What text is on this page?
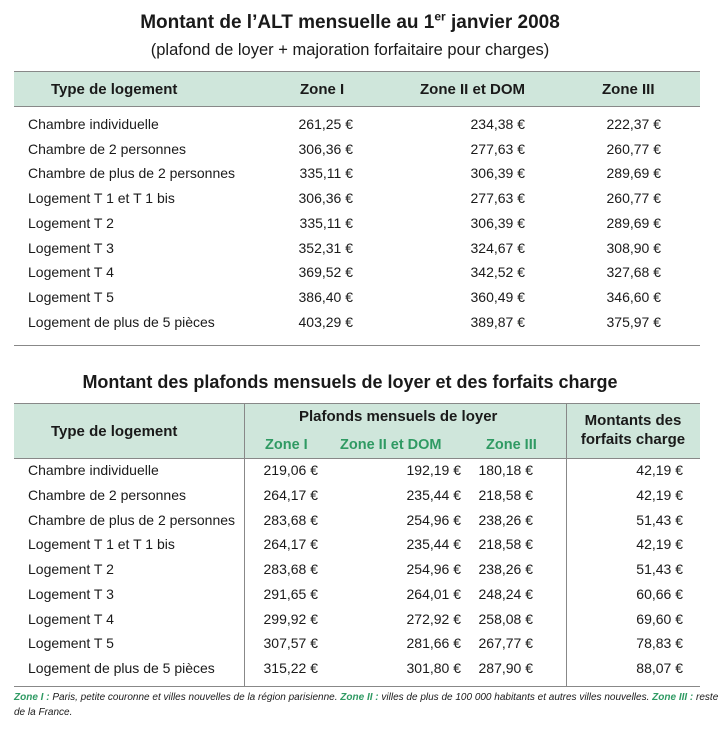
Montant de l’ALT mensuelle au 1er janvier 2008
(plafond de loyer + majoration forfaitaire pour charges)
Type de logement	Zone I	Zone II et DOM	Zone III
Chambre individuelle	261,25 €	234,38 €	222,37 €
Chambre de 2 personnes	306,36 €	277,63 €	260,77 €
Chambre de plus de 2 personnes	335,11 €	306,39 €	289,69 €
Logement T 1 et T 1 bis	306,36 €	277,63 €	260,77 €
Logement T 2	335,11 €	306,39 €	289,69 €
Logement T 3	352,31 €	324,67 €	308,90 €
Logement T 4	369,52 €	342,52 €	327,68 €
Logement T 5	386,40 €	360,49 €	346,60 €
Logement de plus de 5 pièces	403,29 €	389,87 €	375,97 €
Montant des plafonds mensuels de loyer et des forfaits charge
Type de logement
Plafonds mensuels de loyer	Montants des
forfaits charge
Zone I Zone II et DOM	Zone III
Chambre individuelle	219,06 €	192,19 € 180,18 €	42,19 €
Chambre de 2 personnes	264,17 €	235,44 € 218,58 €	42,19 €
Chambre de plus de 2 personnes 283,68 €	254,96 € 238,26 €	51,43 €
Logement T 1 et T 1 bis	264,17 €	235,44 € 218,58 €	42,19 €
Logement T 2	283,68 €	254,96 € 238,26 €	51,43 €
Logement T 3	291,65 €	264,01 € 248,24 €	60,66 €
Logement T 4	299,92 €	272,92 € 258,08 €	69,60 €
Logement T 5	307,57 €	281,66 € 267,77 €	78,83 €
Logement de plus de 5 pièces	315,22 €	301,80 € 287,90 €	88,07 €
Zone I : Paris, petite couronne et villes nouvelles de la région parisienne. Zone II : villes de plus de 100 000 habitants et autres villes nouvelles. Zone III : reste
de la France.
